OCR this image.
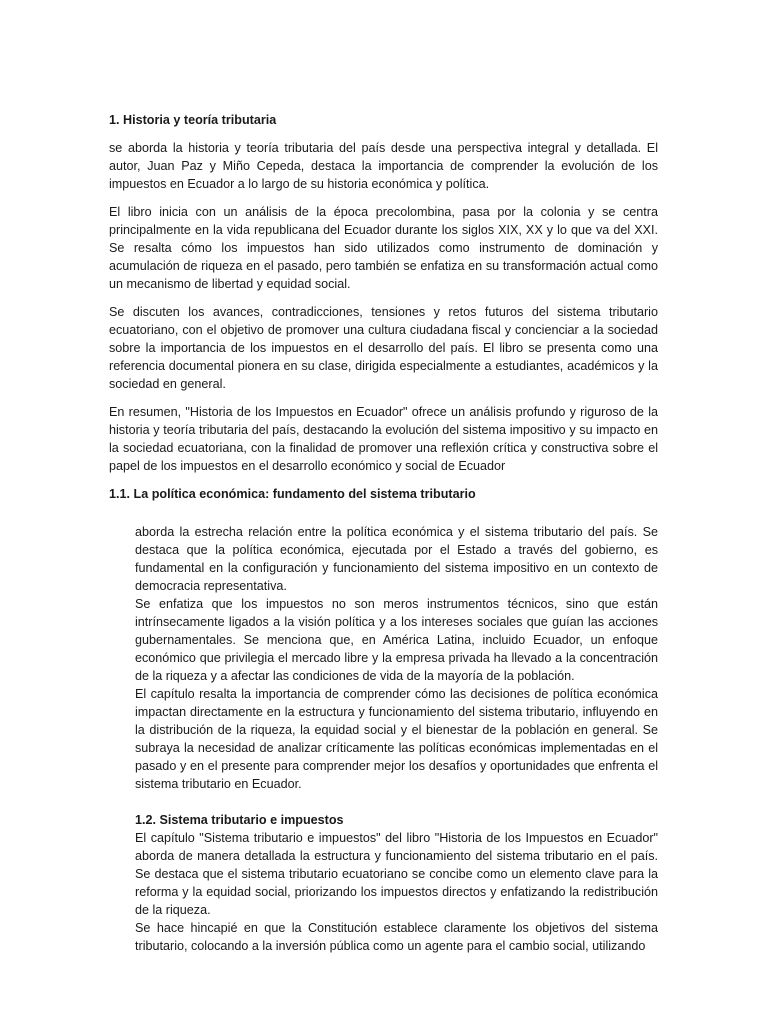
1. Historia y teoría tributaria

se aborda la historia y teoría tributaria del país desde una perspectiva integral y detallada. El autor, Juan Paz y Miño Cepeda, destaca la importancia de comprender la evolución de los impuestos en Ecuador a lo largo de su historia económica y política.

El libro inicia con un análisis de la época precolombina, pasa por la colonia y se centra principalmente en la vida republicana del Ecuador durante los siglos XIX, XX y lo que va del XXI. Se resalta cómo los impuestos han sido utilizados como instrumento de dominación y acumulación de riqueza en el pasado, pero también se enfatiza en su transformación actual como un mecanismo de libertad y equidad social.

Se discuten los avances, contradicciones, tensiones y retos futuros del sistema tributario ecuatoriano, con el objetivo de promover una cultura ciudadana fiscal y concienciar a la sociedad sobre la importancia de los impuestos en el desarrollo del país. El libro se presenta como una referencia documental pionera en su clase, dirigida especialmente a estudiantes, académicos y la sociedad en general.

En resumen, "Historia de los Impuestos en Ecuador" ofrece un análisis profundo y riguroso de la historia y teoría tributaria del país, destacando la evolución del sistema impositivo y su impacto en la sociedad ecuatoriana, con la finalidad de promover una reflexión crítica y constructiva sobre el papel de los impuestos en el desarrollo económico y social de Ecuador

1.1. La política económica: fundamento del sistema tributario

aborda la estrecha relación entre la política económica y el sistema tributario del país. Se destaca que la política económica, ejecutada por el Estado a través del gobierno, es fundamental en la configuración y funcionamiento del sistema impositivo en un contexto de democracia representativa.

Se enfatiza que los impuestos no son meros instrumentos técnicos, sino que están intrínsecamente ligados a la visión política y a los intereses sociales que guían las acciones gubernamentales. Se menciona que, en América Latina, incluido Ecuador, un enfoque económico que privilegia el mercado libre y la empresa privada ha llevado a la concentración de la riqueza y a afectar las condiciones de vida de la mayoría de la población.

El capítulo resalta la importancia de comprender cómo las decisiones de política económica impactan directamente en la estructura y funcionamiento del sistema tributario, influyendo en la distribución de la riqueza, la equidad social y el bienestar de la población en general. Se subraya la necesidad de analizar críticamente las políticas económicas implementadas en el pasado y en el presente para comprender mejor los desafíos y oportunidades que enfrenta el sistema tributario en Ecuador.

1.2. Sistema tributario e impuestos

El capítulo "Sistema tributario e impuestos" del libro "Historia de los Impuestos en Ecuador" aborda de manera detallada la estructura y funcionamiento del sistema tributario en el país. Se destaca que el sistema tributario ecuatoriano se concibe como un elemento clave para la reforma y la equidad social, priorizando los impuestos directos y enfatizando la redistribución de la riqueza.

Se hace hincapié en que la Constitución establece claramente los objetivos del sistema tributario, colocando a la inversión pública como un agente para el cambio social, utilizando
